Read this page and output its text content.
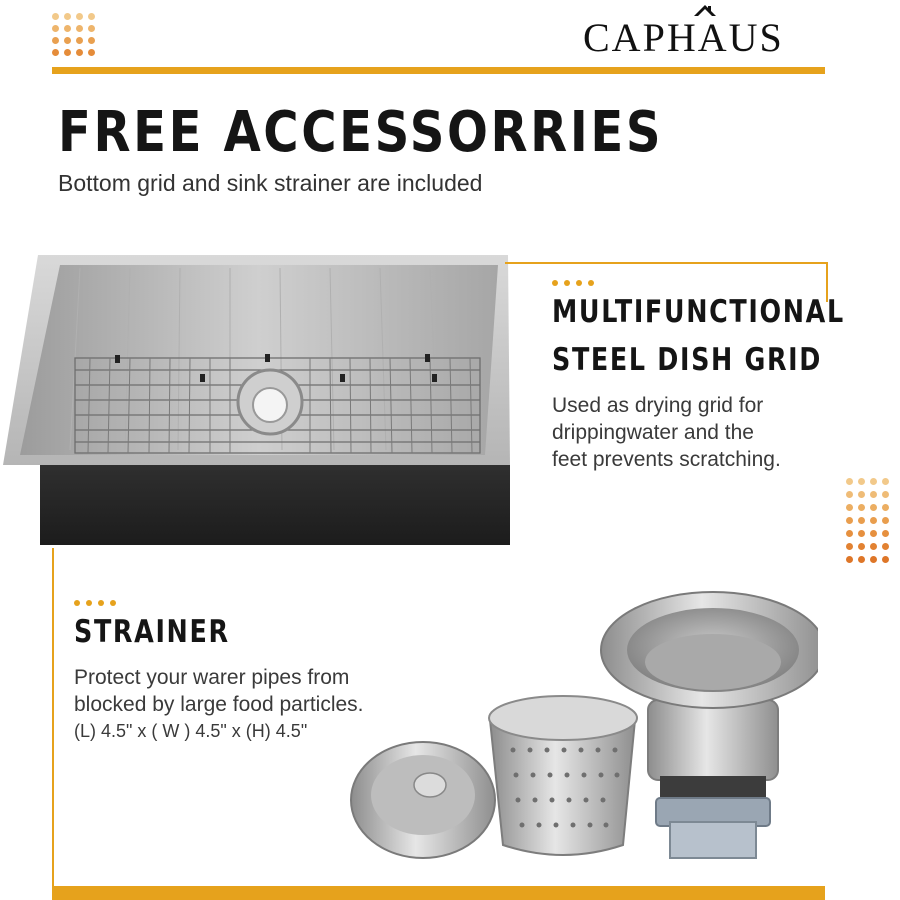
CAPHAUS
FREE ACCESSORRIES
Bottom grid and sink strainer are included
MULTIFUNCTIONAL
STEEL DISH GRID
Used as drying grid for
drippingwater and the
feet prevents scratching.
STRAINER
Protect your warer pipes from
blocked by large food particles.
(L) 4.5" x ( W ) 4.5" x (H) 4.5"
